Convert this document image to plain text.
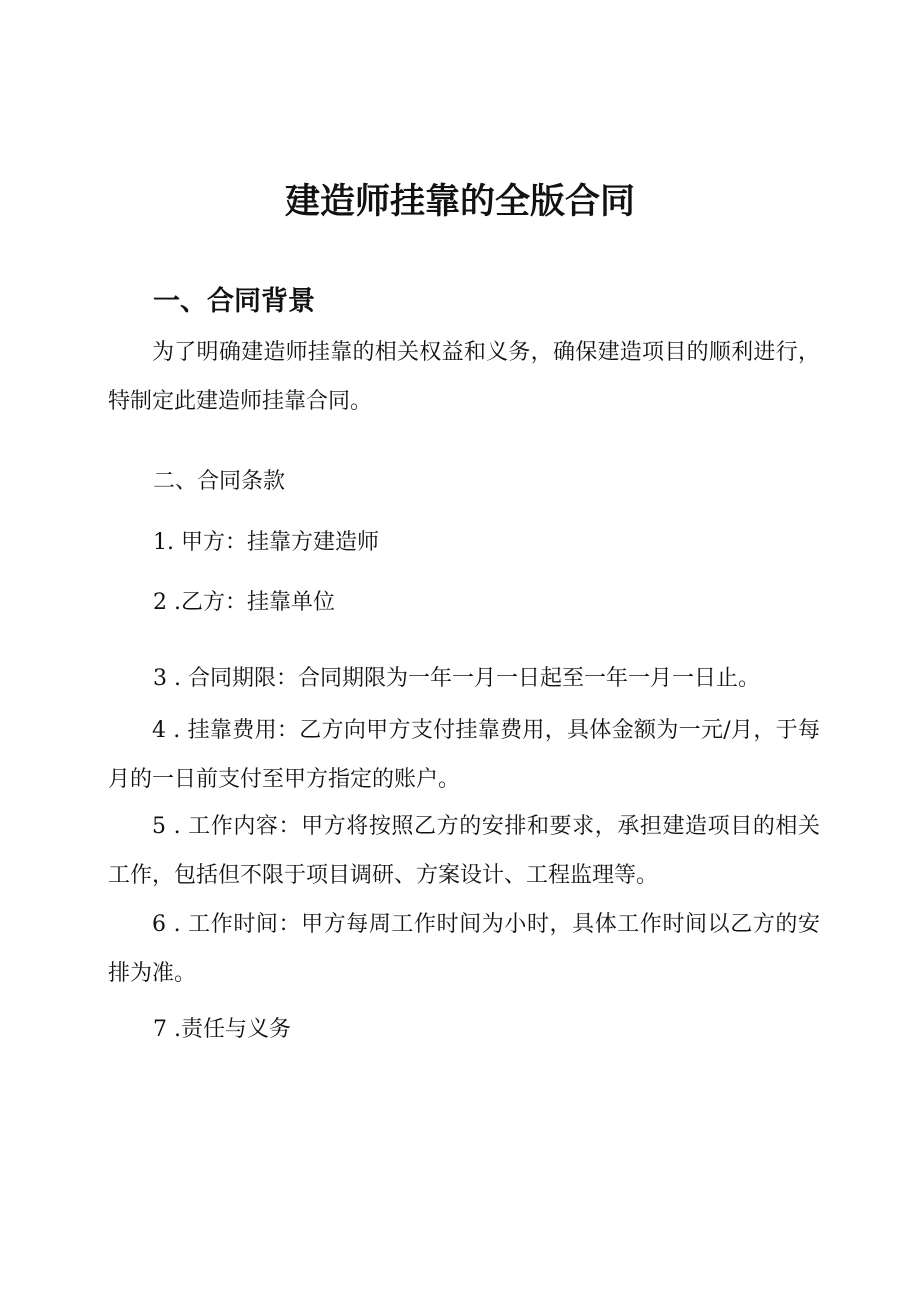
建造师挂靠的全版合同
一、合同背景

为了明确建造师挂靠的相关权益和义务，确保建造项目的顺利进行，特制定此建造师挂靠合同。

二、合同条款

1. 甲方：挂靠方建造师

2 .乙方：挂靠单位

3 . 合同期限：合同期限为一年一月一日起至一年一月一日止。

4 . 挂靠费用：乙方向甲方支付挂靠费用，具体金额为一元/月，于每月的一日前支付至甲方指定的账户。

5 . 工作内容：甲方将按照乙方的安排和要求，承担建造项目的相关工作，包括但不限于项目调研、方案设计、工程监理等。

6 . 工作时间：甲方每周工作时间为小时，具体工作时间以乙方的安排为准。

7 .责任与义务
